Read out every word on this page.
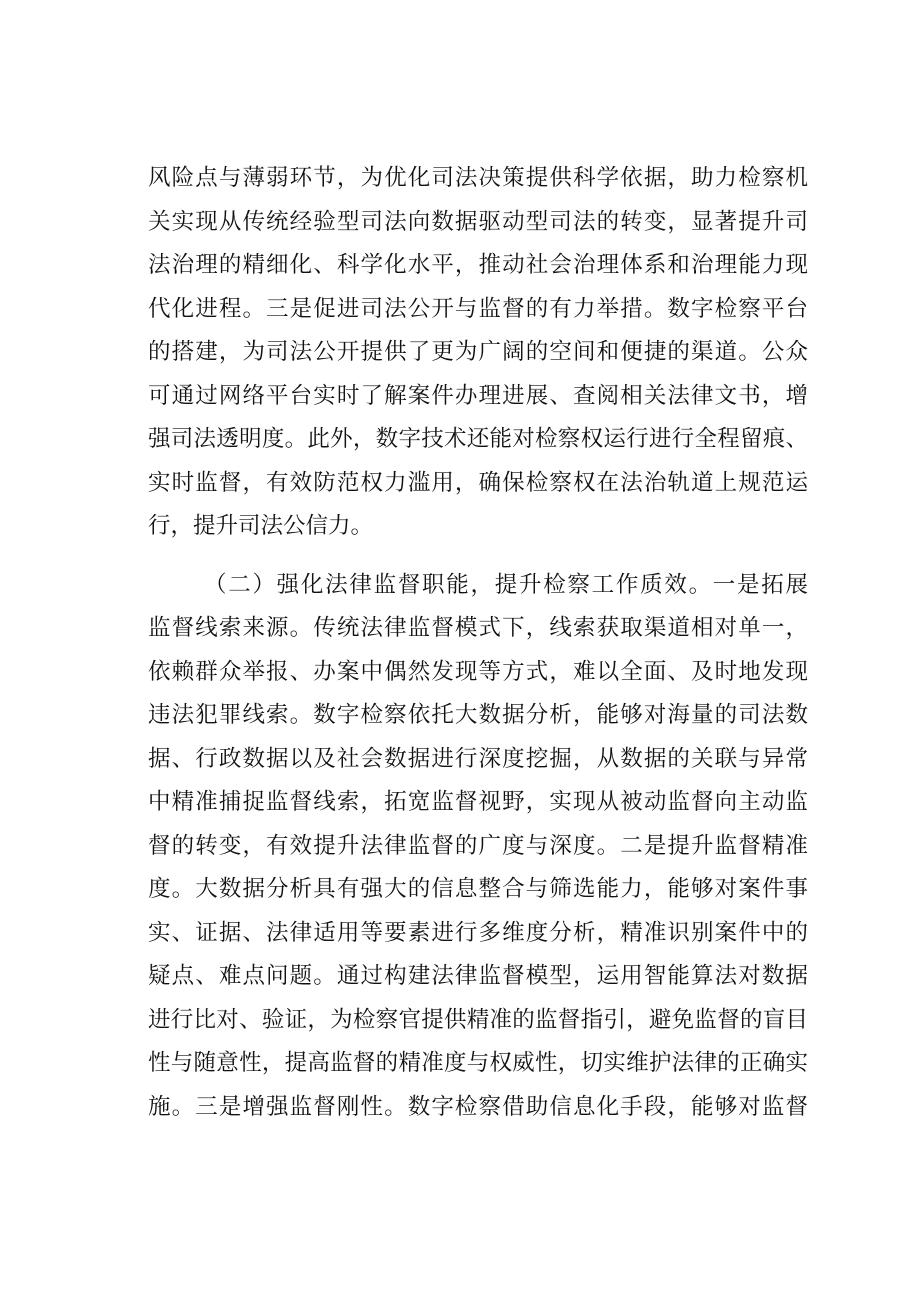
风险点与薄弱环节，为优化司法决策提供科学依据，助力检察机
关实现从传统经验型司法向数据驱动型司法的转变，显著提升司
法治理的精细化、科学化水平，推动社会治理体系和治理能力现
代化进程。三是促进司法公开与监督的有力举措。数字检察平台
的搭建，为司法公开提供了更为广阔的空间和便捷的渠道。公众
可通过网络平台实时了解案件办理进展、查阅相关法律文书，增
强司法透明度。此外，数字技术还能对检察权运行进行全程留痕、
实时监督，有效防范权力滥用，确保检察权在法治轨道上规范运
行，提升司法公信力。
（二）强化法律监督职能，提升检察工作质效。一是拓展
监督线索来源。传统法律监督模式下，线索获取渠道相对单一，
依赖群众举报、办案中偶然发现等方式，难以全面、及时地发现
违法犯罪线索。数字检察依托大数据分析，能够对海量的司法数
据、行政数据以及社会数据进行深度挖掘，从数据的关联与异常
中精准捕捉监督线索，拓宽监督视野，实现从被动监督向主动监
督的转变，有效提升法律监督的广度与深度。二是提升监督精准
度。大数据分析具有强大的信息整合与筛选能力，能够对案件事
实、证据、法律适用等要素进行多维度分析，精准识别案件中的
疑点、难点问题。通过构建法律监督模型，运用智能算法对数据
进行比对、验证，为检察官提供精准的监督指引，避免监督的盲目
性与随意性，提高监督的精准度与权威性，切实维护法律的正确实
施。三是增强监督刚性。数字检察借助信息化手段，能够对监督
